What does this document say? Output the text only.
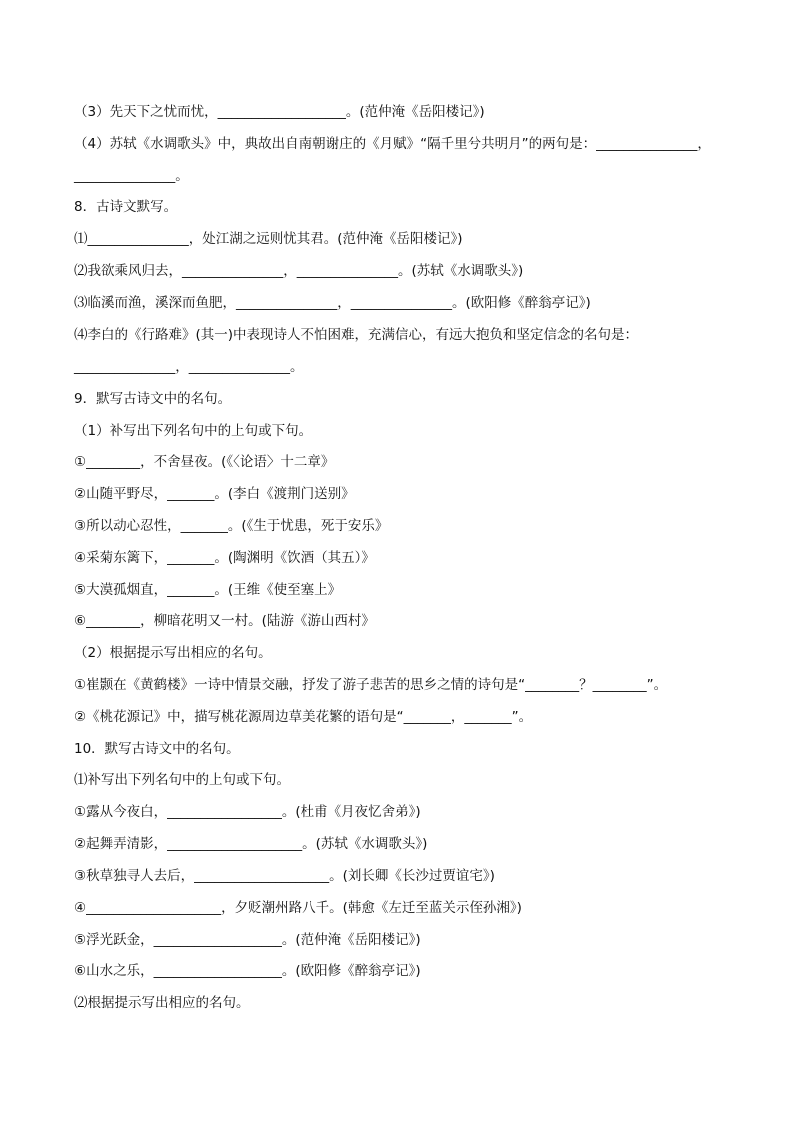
（3）先天下之忧而忧，___________________。(范仲淹《岳阳楼记》)
（4）苏轼《水调歌头》中，典故出自南朝谢庄的《月赋》“隔千里兮共明月”的两句是：_______________，
_______________。
8．古诗文默写。
⑴_______________，处江湖之远则忧其君。(范仲淹《岳阳楼记》)
⑵我欲乘风归去，_______________，_______________。(苏轼《水调歌头》)
⑶临溪而渔，溪深而鱼肥，_______________，_______________。(欧阳修《醉翁亭记》)
⑷李白的《行路难》(其一)中表现诗人不怕困难，充满信心，有远大抱负和坚定信念的名句是：
_______________，_______________。
9．默写古诗文中的名句。
（1）补写出下列名句中的上句或下句。
①________，不舍昼夜。(《〈论语〉十二章》
②山随平野尽，_______。(李白《渡荆门送别》
③所以动心忍性，_______。(《生于忧患，死于安乐》
④采菊东篱下，_______。(陶渊明《饮酒（其五）》
⑤大漠孤烟直，_______。(王维《使至塞上》
⑥________，柳暗花明又一村。(陆游《游山西村》
（2）根据提示写出相应的名句。
①崔颢在《黄鹤楼》一诗中情景交融，抒发了游子悲苦的思乡之情的诗句是“________？________”。
②《桃花源记》中，描写桃花源周边草美花繁的语句是“_______，_______”。
10．默写古诗文中的名句。
⑴补写出下列名句中的上句或下句。
①露从今夜白，_________________。(杜甫《月夜忆舍弟》)
②起舞弄清影，____________________。(苏轼《水调歌头》)
③秋草独寻人去后，____________________。(刘长卿《长沙过贾谊宅》)
④____________________，夕贬潮州路八千。(韩愈《左迁至蓝关示侄孙湘》)
⑤浮光跃金，___________________。(范仲淹《岳阳楼记》)
⑥山水之乐，___________________。(欧阳修《醉翁亭记》)
⑵根据提示写出相应的名句。
